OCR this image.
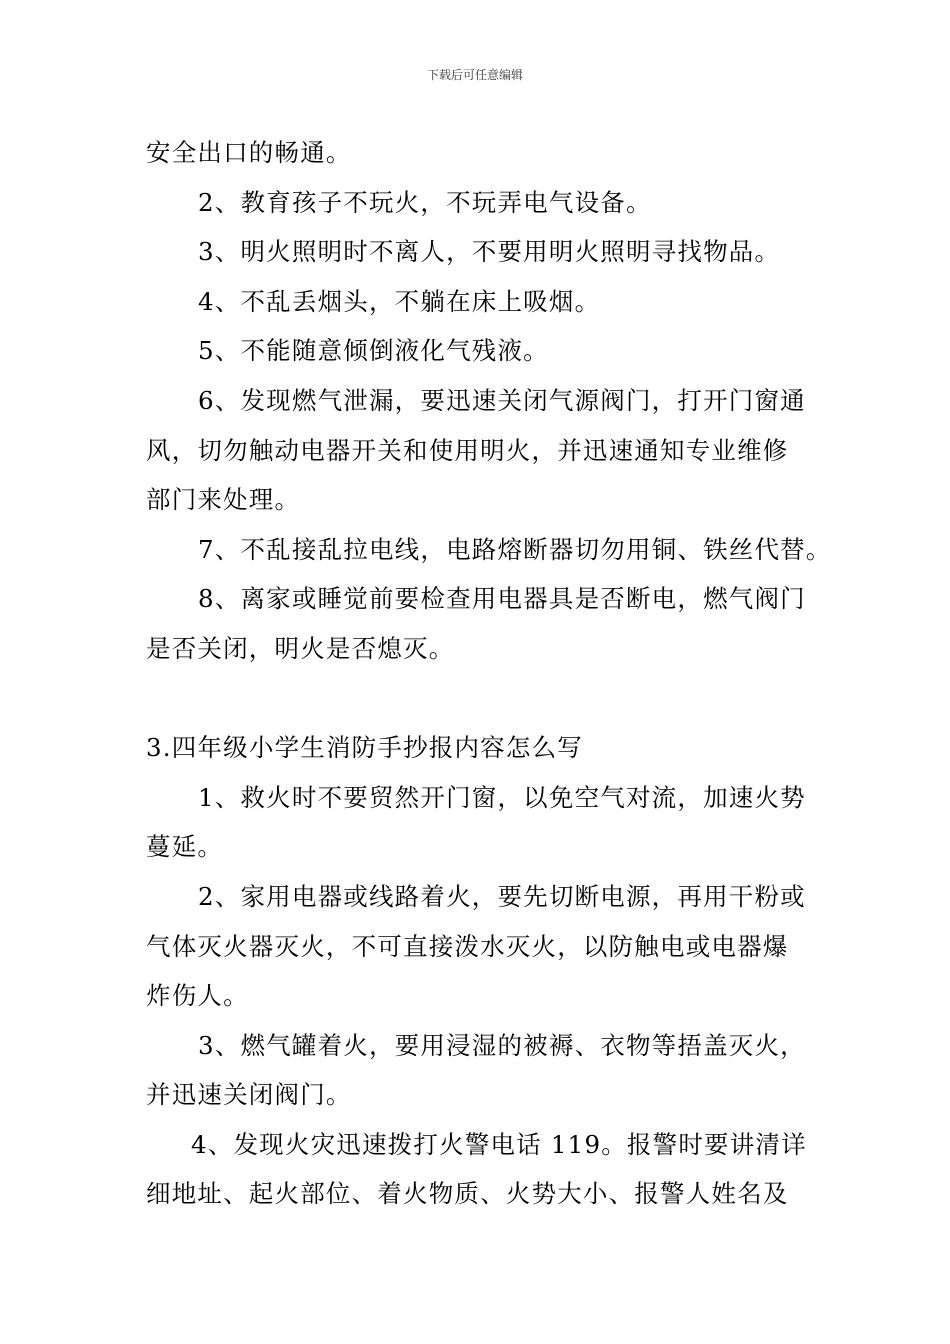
下载后可任意编辑
安全出口的畅通。
2、教育孩子不玩火，不玩弄电气设备。
3、明火照明时不离人，不要用明火照明寻找物品。
4、不乱丢烟头，不躺在床上吸烟。
5、不能随意倾倒液化气残液。
6、发现燃气泄漏，要迅速关闭气源阀门，打开门窗通
风，切勿触动电器开关和使用明火，并迅速通知专业维修
部门来处理。
7、不乱接乱拉电线，电路熔断器切勿用铜、铁丝代替。
8、离家或睡觉前要检查用电器具是否断电，燃气阀门
是否关闭，明火是否熄灭。
3.四年级小学生消防手抄报内容怎么写
1、救火时不要贸然开门窗，以免空气对流，加速火势
蔓延。
2、家用电器或线路着火，要先切断电源，再用干粉或
气体灭火器灭火，不可直接泼水灭火，以防触电或电器爆
炸伤人。
3、燃气罐着火，要用浸湿的被褥、衣物等捂盖灭火，
并迅速关闭阀门。
4、发现火灾迅速拨打火警电话 119。报警时要讲清详
细地址、起火部位、着火物质、火势大小、报警人姓名及
